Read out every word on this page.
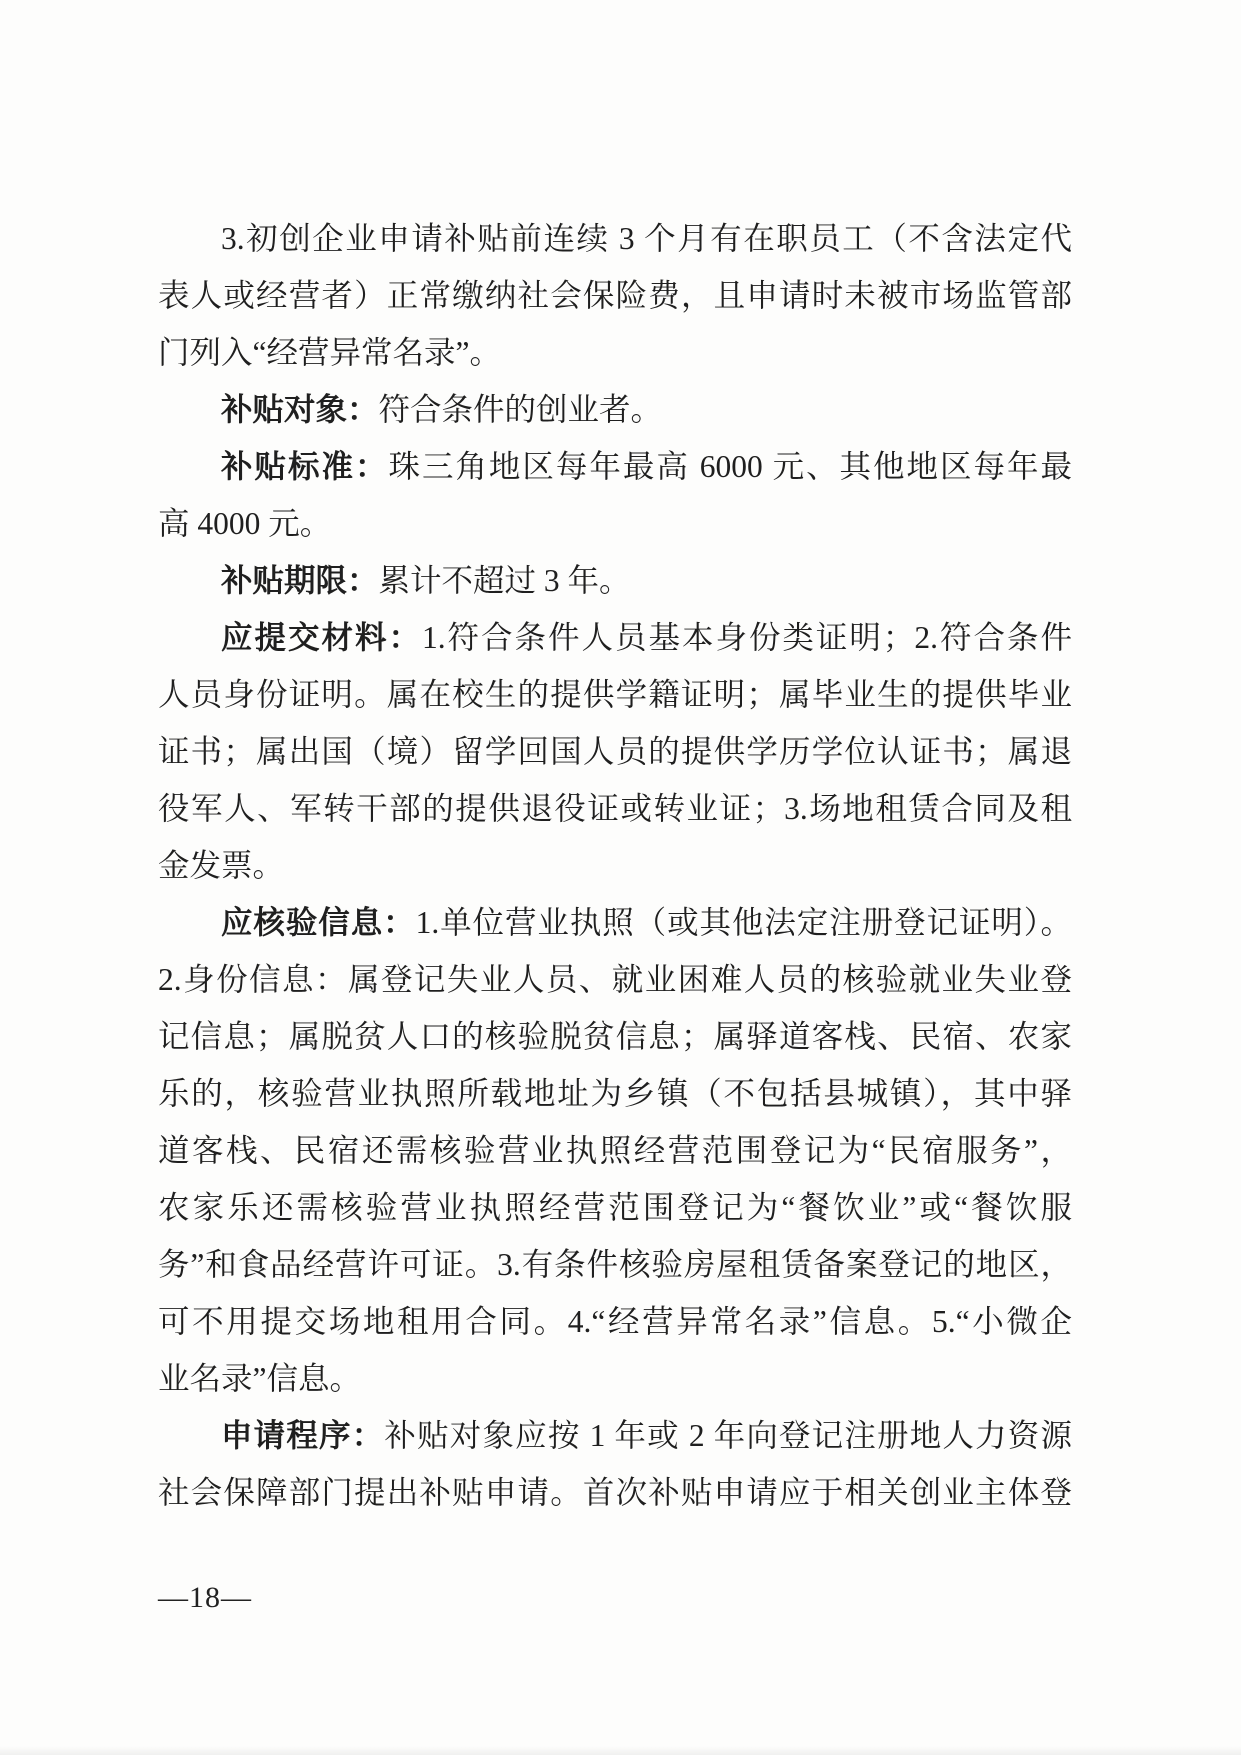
3.初创企业申请补贴前连续 3 个月有在职员工（不含法定代
表人或经营者）正常缴纳社会保险费，且申请时未被市场监管部
门列入“经营异常名录”。
补贴对象：符合条件的创业者。
补贴标准：珠三角地区每年最高 6000 元、其他地区每年最
高 4000 元。
补贴期限：累计不超过 3 年。
应提交材料：1.符合条件人员基本身份类证明；2.符合条件
人员身份证明。属在校生的提供学籍证明；属毕业生的提供毕业
证书；属出国（境）留学回国人员的提供学历学位认证书；属退
役军人、军转干部的提供退役证或转业证；3.场地租赁合同及租
金发票。
应核验信息：1.单位营业执照（或其他法定注册登记证明）。
2.身份信息：属登记失业人员、就业困难人员的核验就业失业登
记信息；属脱贫人口的核验脱贫信息；属驿道客栈、民宿、农家
乐的，核验营业执照所载地址为乡镇（不包括县城镇），其中驿
道客栈、民宿还需核验营业执照经营范围登记为“民宿服务”，
农家乐还需核验营业执照经营范围登记为“餐饮业”或“餐饮服
务”和食品经营许可证。3.有条件核验房屋租赁备案登记的地区，
可不用提交场地租用合同。4.“经营异常名录”信息。5.“小微企
业名录”信息。
申请程序：补贴对象应按 1 年或 2 年向登记注册地人力资源
社会保障部门提出补贴申请。首次补贴申请应于相关创业主体登
—18—
